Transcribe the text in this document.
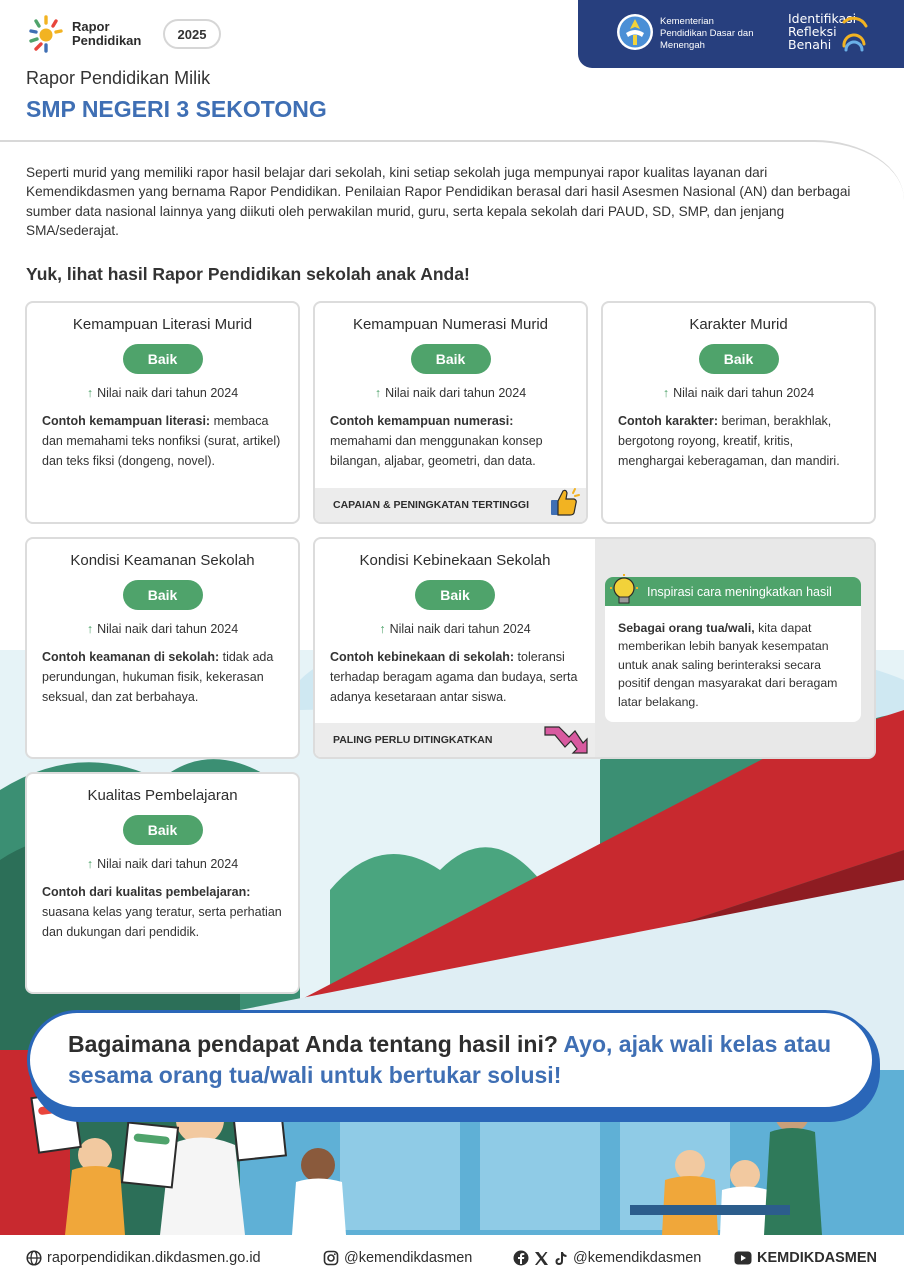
Rapor
Pendidikan	2025
Kementerian
Pendidikan Dasar dan
Menengah
Identifikasi
Refleksi
Benahi
Rapor Pendidikan Milik
SMP NEGERI 3 SEKOTONG
Seperti murid yang memiliki rapor hasil belajar dari sekolah, kini setiap sekolah juga mempunyai rapor kualitas layanan dari Kemendikdasmen yang bernama Rapor Pendidikan. Penilaian Rapor Pendidikan berasal dari hasil Asesmen Nasional (AN) dan berbagai sumber data nasional lainnya yang diikuti oleh perwakilan murid, guru, serta kepala sekolah dari PAUD, SD, SMP, dan jenjang SMA/sederajat.
Yuk, lihat hasil Rapor Pendidikan sekolah anak Anda!
Kemampuan Literasi Murid
Baik
↑ Nilai naik dari tahun 2024
Contoh kemampuan literasi: membaca dan memahami teks nonfiksi (surat, artikel) dan teks fiksi (dongeng, novel).
Kemampuan Numerasi Murid
Baik
↑ Nilai naik dari tahun 2024
Contoh kemampuan numerasi: memahami dan menggunakan konsep bilangan, aljabar, geometri, dan data.
CAPAIAN & PENINGKATAN TERTINGGI
Karakter Murid
Baik
↑ Nilai naik dari tahun 2024
Contoh karakter: beriman, berakhlak, bergotong royong, kreatif, kritis, menghargai keberagaman, dan mandiri.
Kondisi Keamanan Sekolah
Baik
↑ Nilai naik dari tahun 2024
Contoh keamanan di sekolah: tidak ada perundungan, hukuman fisik, kekerasan seksual, dan zat berbahaya.
Kondisi Kebinekaan Sekolah
Baik
↑ Nilai naik dari tahun 2024
Contoh kebinekaan di sekolah: toleransi terhadap beragam agama dan budaya, serta adanya kesetaraan antar siswa.
PALING PERLU DITINGKATKAN
Inspirasi cara meningkatkan hasil
Sebagai orang tua/wali, kita dapat memberikan lebih banyak kesempatan untuk anak saling berinteraksi secara positif dengan masyarakat dari beragam latar belakang.
Kualitas Pembelajaran
Baik
↑ Nilai naik dari tahun 2024
Contoh dari kualitas pembelajaran: suasana kelas yang teratur, serta perhatian dan dukungan dari pendidik.
Bagaimana pendapat Anda tentang hasil ini? Ayo, ajak wali kelas atau sesama orang tua/wali untuk bertukar solusi!
raporpendidikan.dikdasmen.go.id	@kemendikdasmen	@kemendikdasmen	KEMDIKDASMEN
